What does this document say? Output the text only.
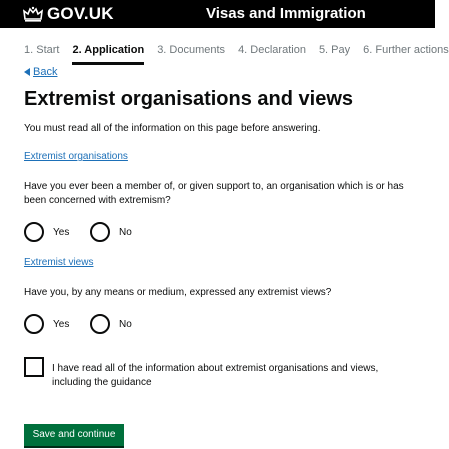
GOV.UK	Visas and Immigration
1. Start 2. Application 3. Documents 4. Declaration 5. Pay 6. Further actions
Back
Extremist organisations and views

You must read all of the information on this page before answering.

Extremist organisations

Have you ever been a member of, or given support to, an organisation which is or has been concerned with extremism?

Yes	No
Extremist views

Have you, by any means or medium, expressed any extremist views?

Yes	No
I have read all of the information about extremist organisations and views, including the guidance
Save and continue
